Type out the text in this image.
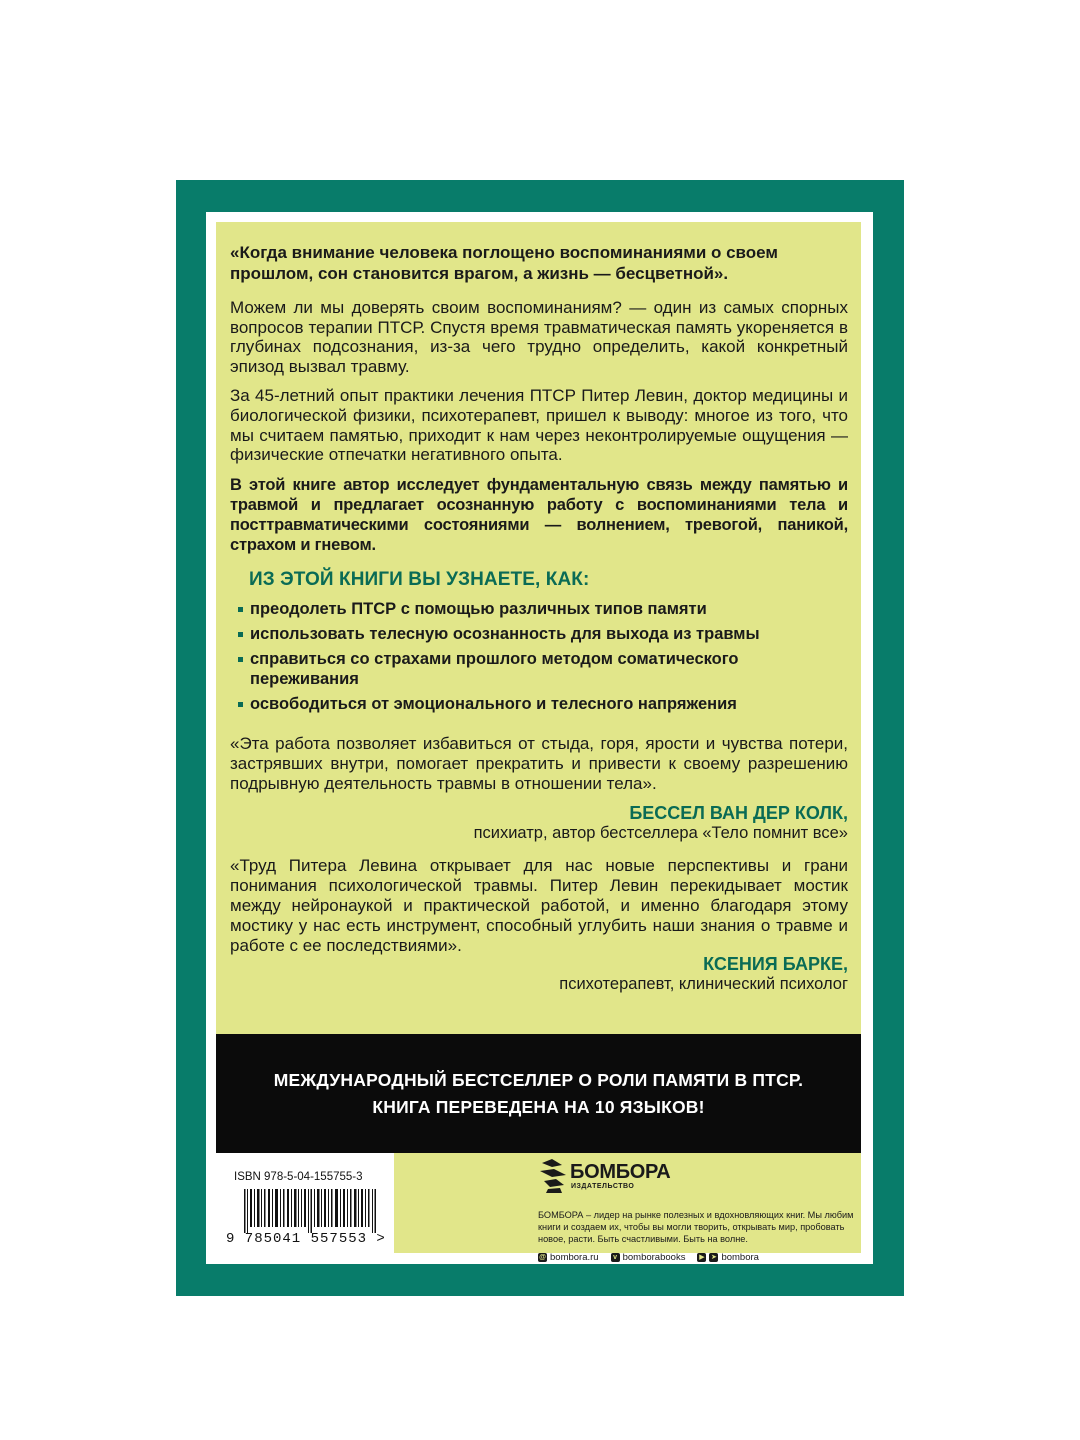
«Когда внимание человека поглощено воспоминаниями о своем прошлом, сон становится врагом, а жизнь — бесцветной».

Можем ли мы доверять своим воспоминаниям? — один из самых спорных вопросов терапии ПТСР. Спустя время травматическая память укореняется в глубинах подсознания, из-за чего трудно определить, какой конкретный эпизод вызвал травму.

За 45-летний опыт практики лечения ПТСР Питер Левин, доктор медицины и биологической физики, психотерапевт, пришел к выводу: многое из того, что мы считаем памятью, приходит к нам через неконтролируемые ощущения — физические отпечатки негативного опыта.

В этой книге автор исследует фундаментальную связь между памятью и травмой и предлагает осознанную работу с воспоминаниями тела и посттравматическими состояниями — волнением, тревогой, паникой, страхом и гневом.

ИЗ ЭТОЙ КНИГИ ВЫ УЗНАЕТЕ, КАК:
преодолеть ПТСР с помощью различных типов памяти
использовать телесную осознанность для выхода из травмы
справиться со страхами прошлого методом соматического переживания
освободиться от эмоционального и телесного напряжения

«Эта работа позволяет избавиться от стыда, горя, ярости и чувства потери, застрявших внутри, помогает прекратить и привести к своему разрешению подрывную деятельность травмы в отношении тела».

БЕССЕЛ ВАН ДЕР КОЛК,
психиатр, автор бестселлера «Тело помнит все»

«Труд Питера Левина открывает для нас новые перспективы и грани понимания психологической травмы. Питер Левин перекидывает мостик между нейронаукой и практической работой, и именно благодаря этому мостику у нас есть инструмент, способный углубить наши знания о травме и работе с ее последствиями».

КСЕНИЯ БАРКЕ,
психотерапевт, клинический психолог
МЕЖДУНАРОДНЫЙ БЕСТСЕЛЛЕР О РОЛИ ПАМЯТИ В ПТСР.
КНИГА ПЕРЕВЕДЕНА НА 10 ЯЗЫКОВ!
ISBN 978-5-04-155755-3
9 785041 557553 >
БОМБОРА
ИЗДАТЕЛЬСТВО

БОМБОРА – лидер на рынке полезных и вдохновляющих книг. Мы любим книги и создаем их, чтобы вы могли творить, открывать мир, пробовать новое, расти. Быть счастливыми. Быть на волне.

@ bombora.ru	v bomborabooks ▶ ➤ bombora
